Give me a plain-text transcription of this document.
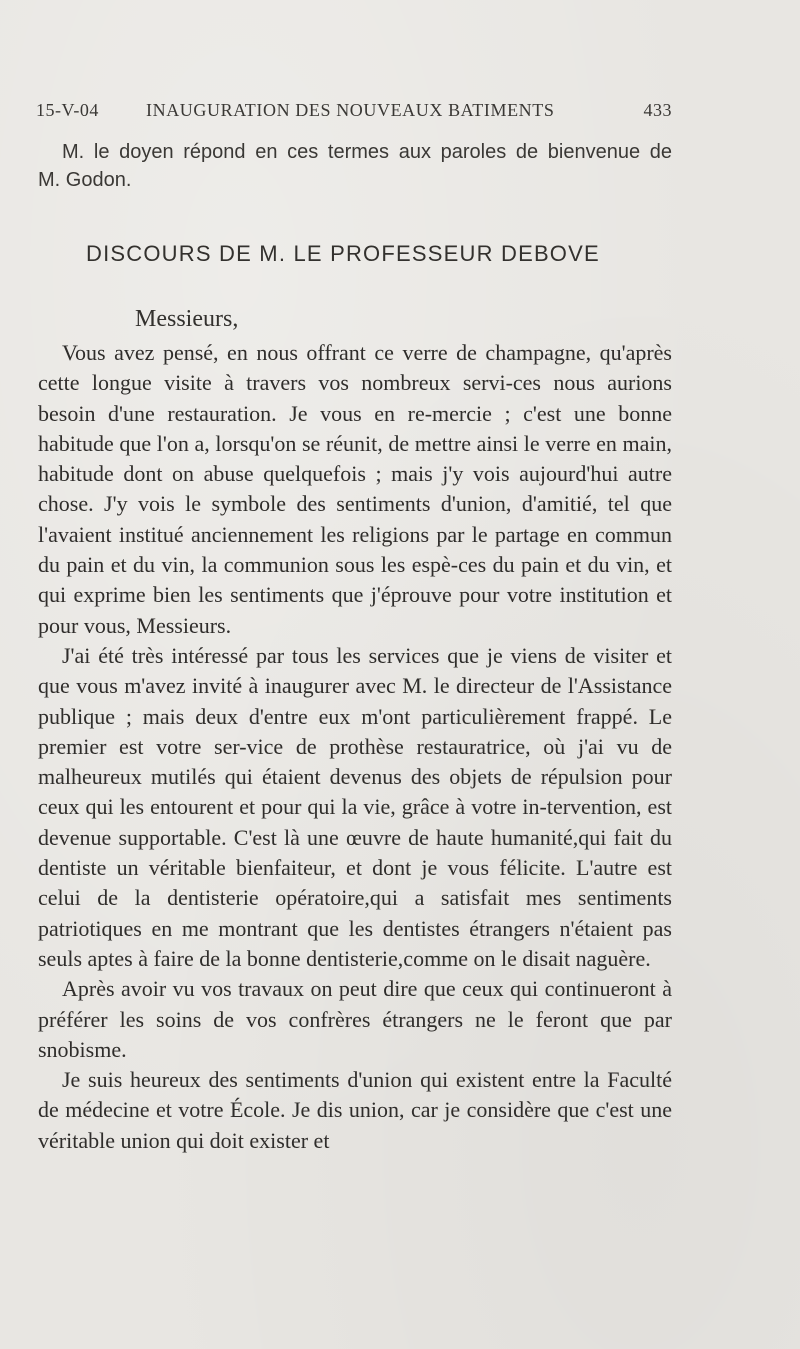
15-V-04	INAUGURATION DES NOUVEAUX BATIMENTS	433
M. le doyen répond en ces termes aux paroles de bienvenue de
M. Godon.
DISCOURS DE M. LE PROFESSEUR DEBOVE
Messieurs,

Vous avez pensé, en nous offrant ce verre de champagne, qu'après cette longue visite à travers vos nombreux servi-ces nous aurions besoin d'une restauration. Je vous en re-mercie ; c'est une bonne habitude que l'on a, lorsqu'on se réunit, de mettre ainsi le verre en main, habitude dont on abuse quelquefois ; mais j'y vois aujourd'hui autre chose. J'y vois le symbole des sentiments d'union, d'amitié, tel que l'avaient institué anciennement les religions par le partage en commun du pain et du vin, la communion sous les espè-ces du pain et du vin, et qui exprime bien les sentiments que j'éprouve pour votre institution et pour vous, Messieurs.

J'ai été très intéressé par tous les services que je viens de visiter et que vous m'avez invité à inaugurer avec M. le directeur de l'Assistance publique ; mais deux d'entre eux m'ont particulièrement frappé. Le premier est votre ser-vice de prothèse restauratrice, où j'ai vu de malheureux mutilés qui étaient devenus des objets de répulsion pour ceux qui les entourent et pour qui la vie, grâce à votre in-tervention, est devenue supportable. C'est là une œuvre de haute humanité,qui fait du dentiste un véritable bienfaiteur, et dont je vous félicite. L'autre est celui de la dentisterie opératoire,qui a satisfait mes sentiments patriotiques en me montrant que les dentistes étrangers n'étaient pas seuls aptes à faire de la bonne dentisterie,comme on le disait naguère.

Après avoir vu vos travaux on peut dire que ceux qui continueront à préférer les soins de vos confrères étrangers ne le feront que par snobisme.

Je suis heureux des sentiments d'union qui existent entre la Faculté de médecine et votre École. Je dis union, car je considère que c'est une véritable union qui doit exister et
